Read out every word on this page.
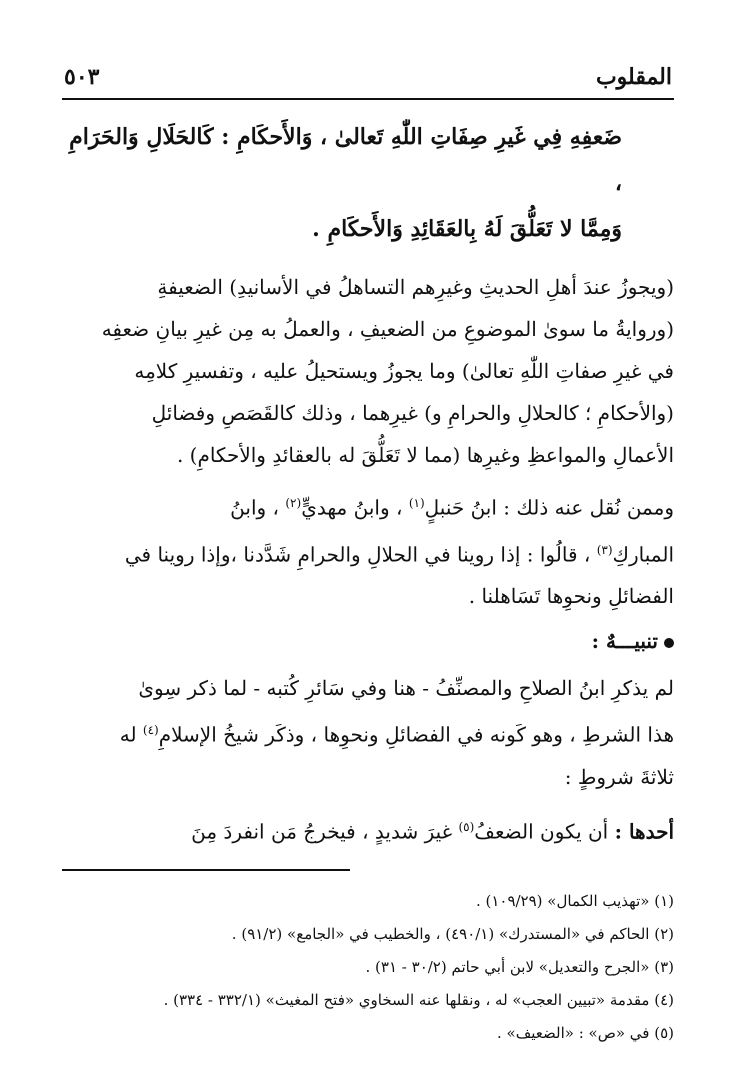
المقلوب
٥٠٣

ضَعفِهِ فِي غَيرِ صِفَاتِ اللّٰهِ تَعالىٰ ، وَالأَحكَامِ : كَالحَلَالِ وَالحَرَامِ ،

وَمِمَّا لا تَعَلُّقَ لَهُ بِالعَقَائِدِ وَالأَحكَامِ .

(ويجوزُ عندَ أهلِ الحديثِ وغيرِهم التساهلُ في الأسانيدِ) الضعيفةِ

(وروايةُ ما سوىٰ الموضوعِ من الضعيفِ ، والعملُ به مِن غيرِ بيانِ ضعفِه

في غيرِ صفاتِ اللّٰهِ تعالىٰ) وما يجوزُ ويستحيلُ عليه ، وتفسيرِ كلامِه

(والأحكامِ ؛ كالحلالِ والحرامِ و) غيرِهما ، وذلك كالقَصَصِ وفضائلِ

الأعمالِ والمواعظِ وغيرِها (مما لا تَعَلُّقَ له بالعقائدِ والأحكامِ) .

وممن نُقل عنه ذلك : ابنُ حَنبلٍ$^{(١)}$ ، وابنُ مهديٍّ$^{(٢)}$ ، وابنُ

المباركِ$^{(٣)}$ ، قالُوا : إذا روينا في الحلالِ والحرامِ شَدَّدنا ،وإذا روينا في

الفضائلِ ونحوِها تَسَاهلنا .

تنبيـــهٌ :

لم يذكرِ ابنُ الصلاحِ والمصنِّفُ - هنا وفي سَائرِ كُتبه - لما ذكر سِوىٰ

هذا الشرطِ ، وهو كَونه في الفضائلِ ونحوِها ، وذكَر شيخُ الإسلامِ$^{(٤)}$ له

ثلاثةَ شروطٍ :

أحدها : أن يكون الضعفُ$^{(٥)}$ غيرَ شديدٍ ، فيخرجُ مَن انفردَ مِنَ
(١) «تهذيب الكمال» (١٠٩/٢٩) .
(٢) الحاكم في «المستدرك» (٤٩٠/١) ، والخطيب في «الجامع» (٩١/٢) .
(٣) «الجرح والتعديل» لابن أبي حاتم (٣٠/٢ - ٣١) .
(٤) مقدمة «تبيين العجب» له ، ونقلها عنه السخاوي «فتح المغيث» (٣٣٢/١ - ٣٣٤) .
(٥) في «ص» : «الضعيف» .
